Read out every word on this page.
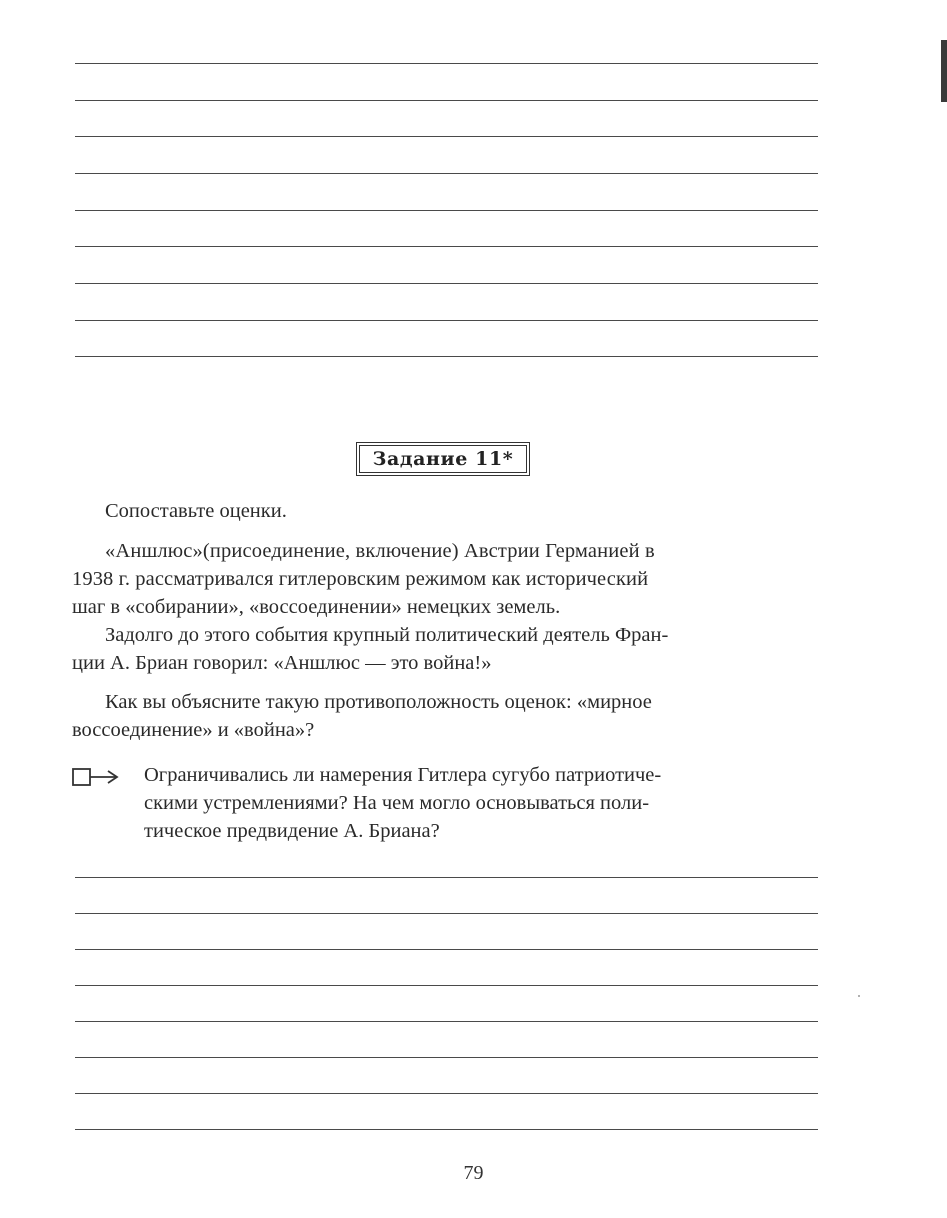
Задание 11*
Сопоставьте оценки.
«Аншлюс»(присоединение, включение) Австрии Германией в
1938 г. рассматривался гитлеровским режимом как исторический
шаг в «собирании», «воссоединении» немецких земель.
Задолго до этого события крупный политический деятель Фран-
ции А. Бриан говорил: «Аншлюс — это война!»
Как вы объясните такую противоположность оценок: «мирное
воссоединение» и «война»?
Ограничивались ли намерения Гитлера сугубо патриотиче-
скими устремлениями? На чем могло основываться поли-
тическое предвидение А. Бриана?
79
